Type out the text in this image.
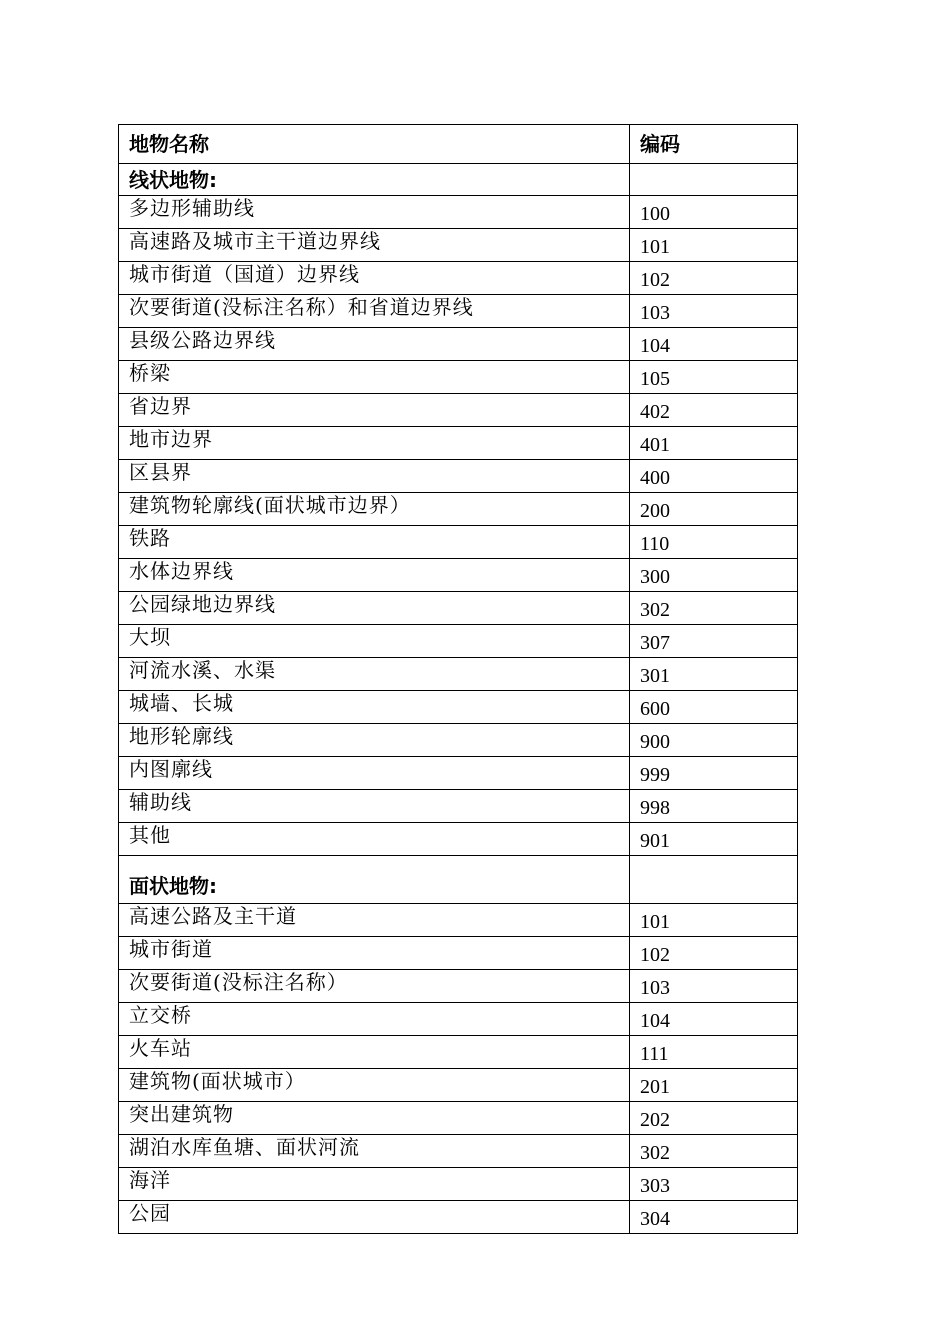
地物名称	编码
线状地物:	
多边形辅助线	100
高速路及城市主干道边界线	101
城市街道（国道）边界线	102
次要街道(没标注名称）和省道边界线	103
县级公路边界线	104
桥梁	105
省边界	402
地市边界	401
区县界	400
建筑物轮廓线(面状城市边界）	200
铁路	110
水体边界线	300
公园绿地边界线	302
大坝	307
河流水溪、水渠	301
城墙、长城	600
地形轮廓线	900
内图廓线	999
辅助线	998
其他	901
面状地物:	
高速公路及主干道	101
城市街道	102
次要街道(没标注名称）	103
立交桥	104
火车站	111
建筑物(面状城市）	201
突出建筑物	202
湖泊水库鱼塘、面状河流	302
海洋	303
公园	304
